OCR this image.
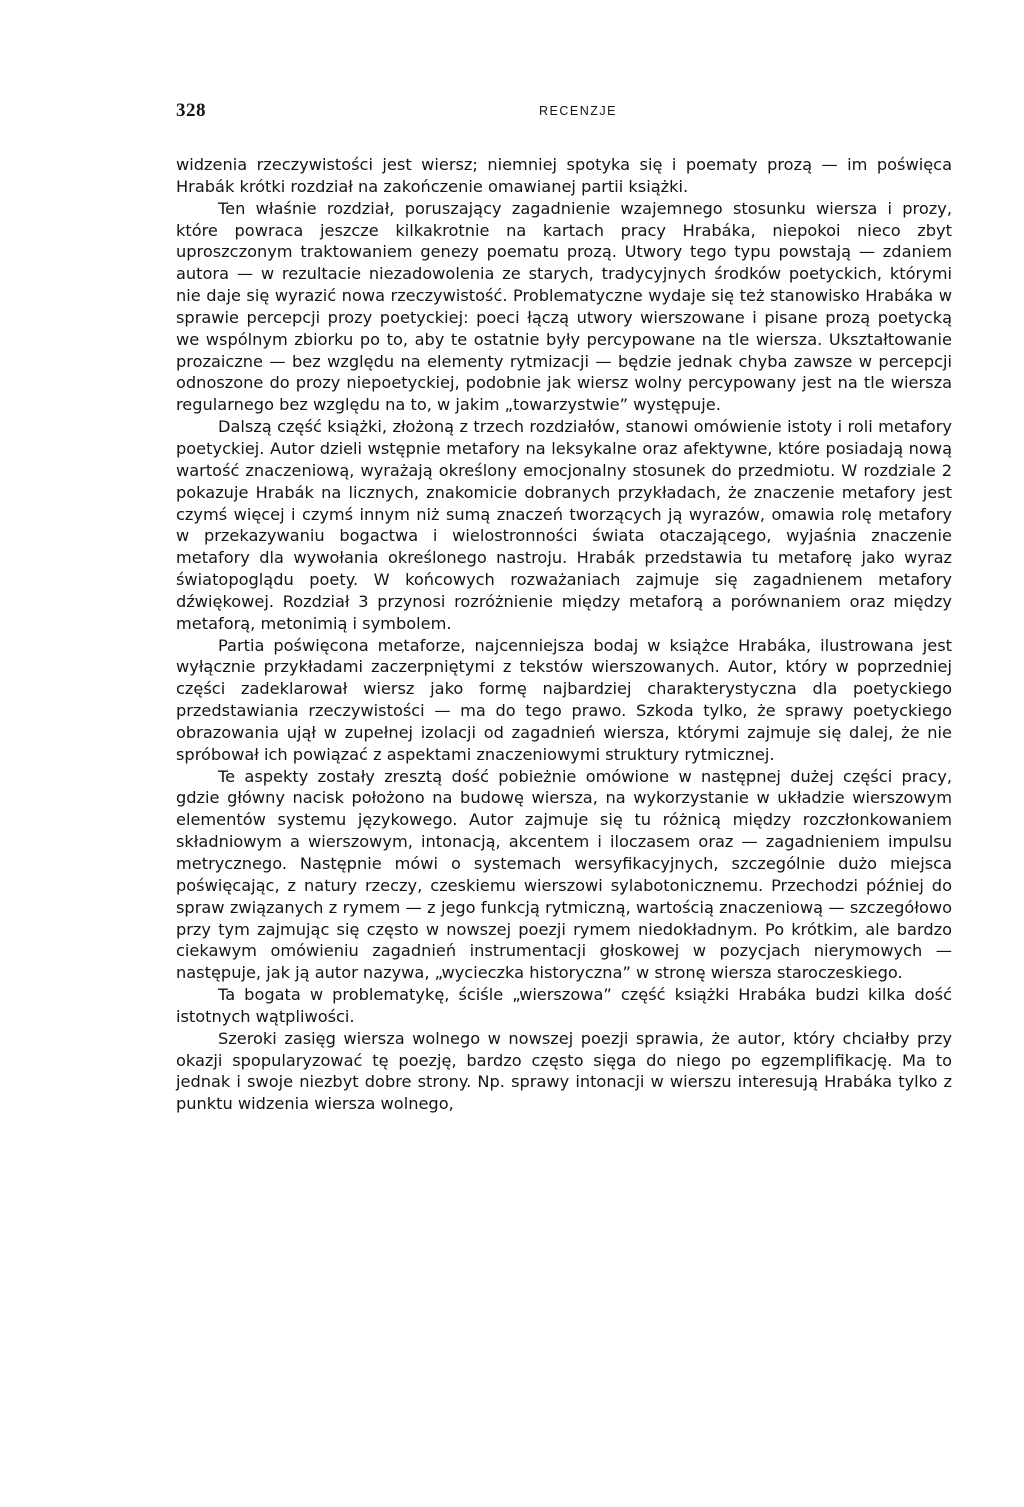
328	RECENZJE

widzenia rzeczywistości jest wiersz; niemniej spotyka się i poematy prozą — im poświęca Hrabák krótki rozdział na zakończenie omawianej partii książki.

Ten właśnie rozdział, poruszający zagadnienie wzajemnego stosunku wiersza i prozy, które powraca jeszcze kilkakrotnie na kartach pracy Hrabáka, niepokoi nieco zbyt uproszczonym traktowaniem genezy poematu prozą. Utwory tego typu powstają — zdaniem autora — w rezultacie niezadowolenia ze starych, tradycyjnych środków poetyckich, którymi nie daje się wyrazić nowa rzeczywistość. Problematyczne wydaje się też stanowisko Hrabáka w sprawie percepcji prozy poetyckiej: poeci łączą utwory wierszowane i pisane prozą poetycką we wspólnym zbiorku po to, aby te ostatnie były percypowane na tle wiersza. Ukształtowanie prozaiczne — bez względu na elementy rytmizacji — będzie jednak chyba zawsze w percepcji odnoszone do prozy niepoetyckiej, podobnie jak wiersz wolny percypowany jest na tle wiersza regularnego bez względu na to, w jakim „towarzystwie” występuje.

Dalszą część książki, złożoną z trzech rozdziałów, stanowi omówienie istoty i roli metafory poetyckiej. Autor dzieli wstępnie metafory na leksykalne oraz afektywne, które posiadają nową wartość znaczeniową, wyrażają określony emocjonalny stosunek do przedmiotu. W rozdziale 2 pokazuje Hrabák na licznych, znakomicie dobranych przykładach, że znaczenie metafory jest czymś więcej i czymś innym niż sumą znaczeń tworzących ją wyrazów, omawia rolę metafory w przekazywaniu bogactwa i wielostronności świata otaczającego, wyjaśnia znaczenie metafory dla wywołania określonego nastroju. Hrabák przedstawia tu metaforę jako wyraz światopoglądu poety. W końcowych rozważaniach zajmuje się zagadnienem metafory dźwiękowej. Rozdział 3 przynosi rozróżnienie między metaforą a porównaniem oraz między metaforą, metonimią i symbolem.

Partia poświęcona metaforze, najcenniejsza bodaj w książce Hrabáka, ilustrowana jest wyłącznie przykładami zaczerpniętymi z tekstów wierszowanych. Autor, który w poprzedniej części zadeklarował wiersz jako formę najbardziej charakterystyczna dla poetyckiego przedstawiania rzeczywistości — ma do tego prawo. Szkoda tylko, że sprawy poetyckiego obrazowania ujął w zupełnej izolacji od zagadnień wiersza, którymi zajmuje się dalej, że nie spróbował ich powiązać z aspektami znaczeniowymi struktury rytmicznej.

Te aspekty zostały zresztą dość pobieżnie omówione w następnej dużej części pracy, gdzie główny nacisk położono na budowę wiersza, na wykorzystanie w układzie wierszowym elementów systemu językowego. Autor zajmuje się tu różnicą między rozczłonkowaniem składniowym a wierszowym, intonacją, akcentem i iloczasem oraz — zagadnieniem impulsu metrycznego. Następnie mówi o systemach wersyfikacyjnych, szczególnie dużo miejsca poświęcając, z natury rzeczy, czeskiemu wierszowi sylabotonicznemu. Przechodzi później do spraw związanych z rymem — z jego funkcją rytmiczną, wartością znaczeniową — szczegółowo przy tym zajmując się często w nowszej poezji rymem niedokładnym. Po krótkim, ale bardzo ciekawym omówieniu zagadnień instrumentacji głoskowej w pozycjach nierymowych — następuje, jak ją autor nazywa, „wycieczka historyczna” w stronę wiersza staroczeskiego.

Ta bogata w problematykę, ściśle „wierszowa” część książki Hrabáka budzi kilka dość istotnych wątpliwości.

Szeroki zasięg wiersza wolnego w nowszej poezji sprawia, że autor, który chciałby przy okazji spopularyzować tę poezję, bardzo często sięga do niego po egzemplifikację. Ma to jednak i swoje niezbyt dobre strony. Np. sprawy intonacji w wierszu interesują Hrabáka tylko z punktu widzenia wiersza wolnego,
